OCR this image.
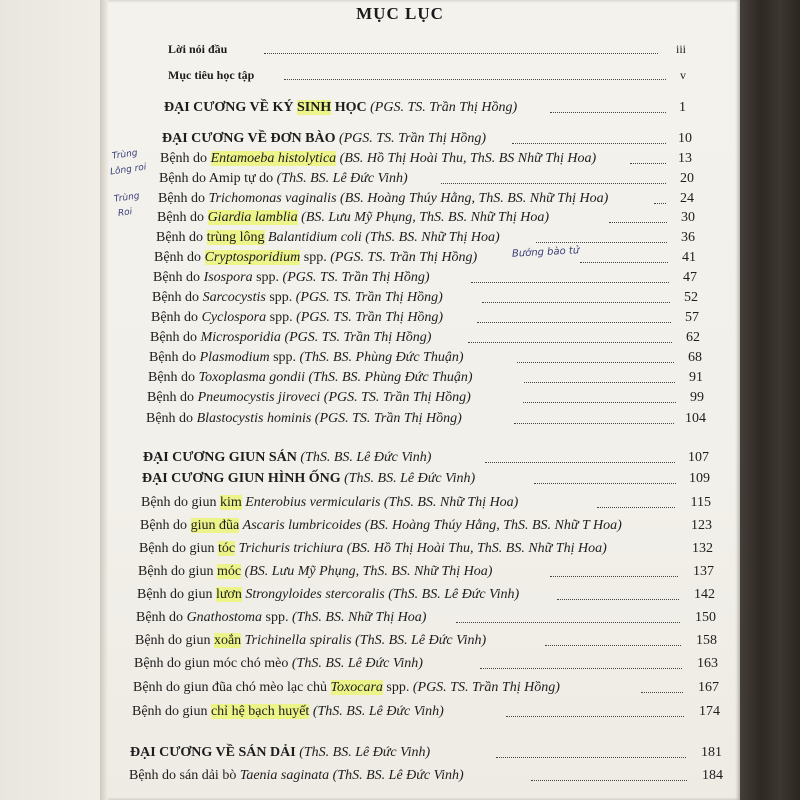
MỤC LỤC
Lời nói đầu	iii
Mục tiêu học tập	v
ĐẠI CƯƠNG VỀ KÝ SINH HỌC (PGS. TS. Trần Thị Hồng)	1
ĐẠI CƯƠNG VỀ ĐƠN BÀO (PGS. TS. Trần Thị Hồng)	10
Bệnh do Entamoeba histolytica (BS. Hồ Thị Hoài Thu, ThS. BS Nhữ Thị Hoa)	13
Bệnh do Amip tự do (ThS. BS. Lê Đức Vinh)	20
Bệnh do Trichomonas vaginalis (BS. Hoàng Thúy Hằng, ThS. BS. Nhữ Thị Hoa)	24
Bệnh do Giardia lamblia (BS. Lưu Mỹ Phụng, ThS. BS. Nhữ Thị Hoa)	30
Bệnh do trùng lông Balantidium coli (ThS. BS. Nhữ Thị Hoa)	36
Bệnh do Cryptosporidium spp. (PGS. TS. Trần Thị Hồng)	41
Bệnh do Isospora spp. (PGS. TS. Trần Thị Hồng)	47
Bệnh do Sarcocystis spp. (PGS. TS. Trần Thị Hồng)	52
Bệnh do Cyclospora spp. (PGS. TS. Trần Thị Hồng)	57
Bệnh do Microsporidia (PGS. TS. Trần Thị Hồng)	62
Bệnh do Plasmodium spp. (ThS. BS. Phùng Đức Thuận)	68
Bệnh do Toxoplasma gondii (ThS. BS. Phùng Đức Thuận)	91
Bệnh do Pneumocystis jiroveci (PGS. TS. Trần Thị Hồng)	99
Bệnh do Blastocystis hominis (PGS. TS. Trần Thị Hồng)	104
ĐẠI CƯƠNG GIUN SÁN (ThS. BS. Lê Đức Vinh)	107
ĐẠI CƯƠNG GIUN HÌNH ỐNG (ThS. BS. Lê Đức Vinh)	109
Bệnh do giun kim Enterobius vermicularis (ThS. BS. Nhữ Thị Hoa)	115
Bệnh do giun đũa Ascaris lumbricoides (BS. Hoàng Thúy Hằng, ThS. BS. Nhữ T Hoa)	123
Bệnh do giun tóc Trichuris trichiura (BS. Hồ Thị Hoài Thu, ThS. BS. Nhữ Thị Hoa)	132
Bệnh do giun móc (BS. Lưu Mỹ Phụng, ThS. BS. Nhữ Thị Hoa)	137
Bệnh do giun lươn Strongyloides stercoralis (ThS. BS. Lê Đức Vinh)	142
Bệnh do Gnathostoma spp. (ThS. BS. Nhữ Thị Hoa)	150
Bệnh do giun xoắn Trichinella spiralis (ThS. BS. Lê Đức Vinh)	158
Bệnh do giun móc chó mèo (ThS. BS. Lê Đức Vinh)	163
Bệnh do giun đũa chó mèo lạc chủ Toxocara spp. (PGS. TS. Trần Thị Hồng)	167
Bệnh do giun chỉ hệ bạch huyết (ThS. BS. Lê Đức Vinh)	174
ĐẠI CƯƠNG VỀ SÁN DẢI (ThS. BS. Lê Đức Vinh)	181
Bệnh do sán dải bò Taenia saginata (ThS. BS. Lê Đức Vinh)	184
Trùng
Lông roi
Trùng
Roi
Bướng bào tử
